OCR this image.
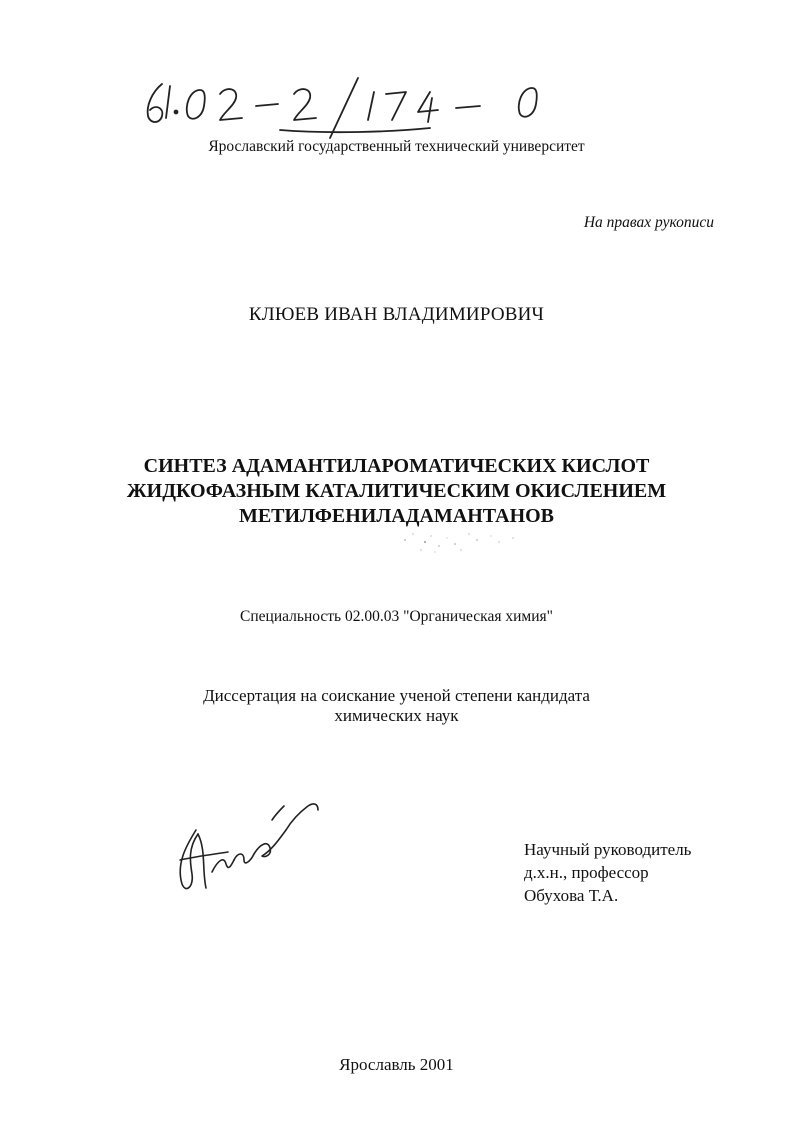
Ярославский государственный технический университет
На правах рукописи
КЛЮЕВ ИВАН ВЛАДИМИРОВИЧ
СИНТЕЗ АДАМАНТИЛАРОМАТИЧЕСКИХ КИСЛОТ
ЖИДКОФАЗНЫМ КАТАЛИТИЧЕСКИМ ОКИСЛЕНИЕМ
МЕТИЛФЕНИЛАДАМАНТАНОВ
Специальность 02.00.03 "Органическая химия"
Диссертация на соискание ученой степени кандидата
химических наук
Научный руководитель
д.х.н., профессор
Обухова Т.А.
Ярославль 2001
